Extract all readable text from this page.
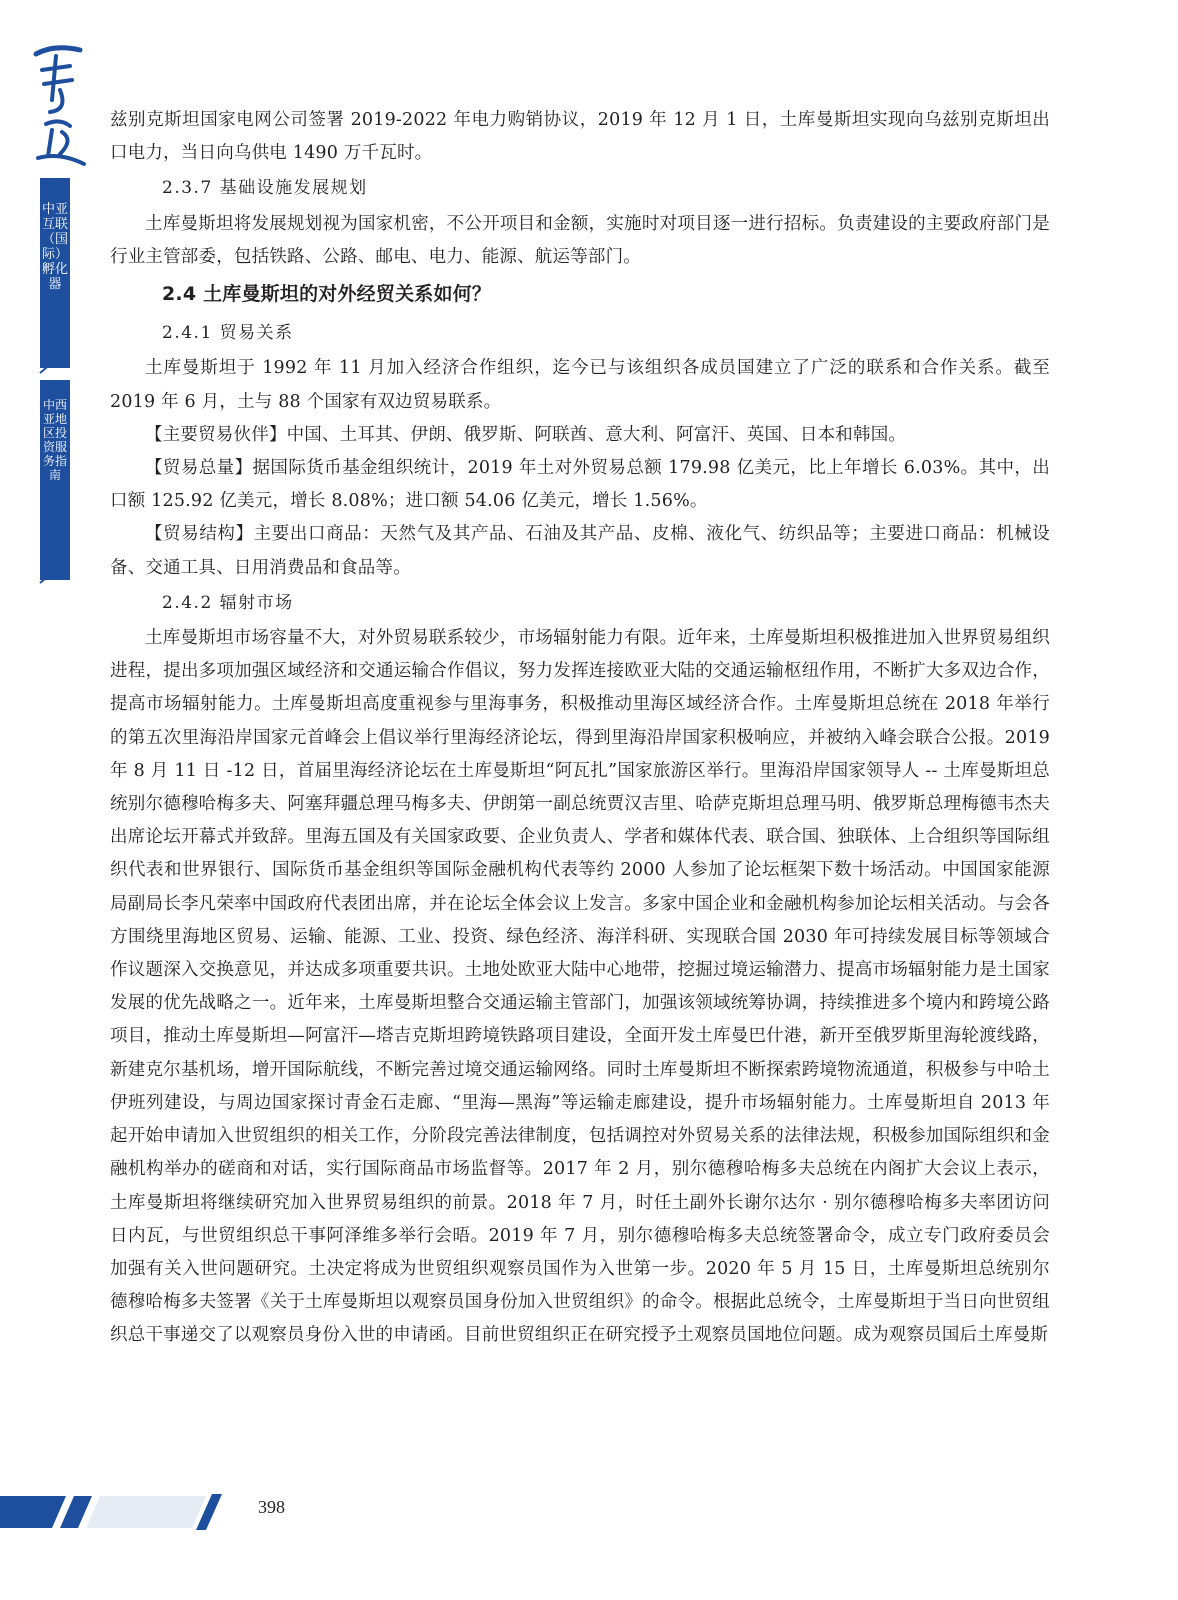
中亚互联（国际）孵化器
中西亚地区投资服务指南

兹别克斯坦国家电网公司签署 2019-2022 年电力购销协议，2019 年 12 月 1 日，土库曼斯坦实现向乌兹别克斯坦出口电力，当日向乌供电 1490 万千瓦时。

2.3.7 基础设施发展规划

土库曼斯坦将发展规划视为国家机密，不公开项目和金额，实施时对项目逐一进行招标。负责建设的主要政府部门是行业主管部委，包括铁路、公路、邮电、电力、能源、航运等部门。

2.4 土库曼斯坦的对外经贸关系如何？

2.4.1 贸易关系

土库曼斯坦于 1992 年 11 月加入经济合作组织，迄今已与该组织各成员国建立了广泛的联系和合作关系。截至 2019 年 6 月，土与 88 个国家有双边贸易联系。

【主要贸易伙伴】中国、土耳其、伊朗、俄罗斯、阿联酋、意大利、阿富汗、英国、日本和韩国。

【贸易总量】据国际货币基金组织统计，2019 年土对外贸易总额 179.98 亿美元，比上年增长 6.03%。其中，出口额 125.92 亿美元，增长 8.08%；进口额 54.06 亿美元，增长 1.56%。

【贸易结构】主要出口商品：天然气及其产品、石油及其产品、皮棉、液化气、纺织品等；主要进口商品：机械设备、交通工具、日用消费品和食品等。

2.4.2 辐射市场

土库曼斯坦市场容量不大，对外贸易联系较少，市场辐射能力有限。近年来，土库曼斯坦积极推进加入世界贸易组织进程，提出多项加强区域经济和交通运输合作倡议，努力发挥连接欧亚大陆的交通运输枢纽作用，不断扩大多双边合作，提高市场辐射能力。土库曼斯坦高度重视参与里海事务，积极推动里海区域经济合作。土库曼斯坦总统在 2018 年举行的第五次里海沿岸国家元首峰会上倡议举行里海经济论坛，得到里海沿岸国家积极响应，并被纳入峰会联合公报。2019 年 8 月 11 日 -12 日，首届里海经济论坛在土库曼斯坦“阿瓦扎”国家旅游区举行。里海沿岸国家领导人 -- 土库曼斯坦总统别尔德穆哈梅多夫、阿塞拜疆总理马梅多夫、伊朗第一副总统贾汉吉里、哈萨克斯坦总理马明、俄罗斯总理梅德韦杰夫出席论坛开幕式并致辞。里海五国及有关国家政要、企业负责人、学者和媒体代表、联合国、独联体、上合组织等国际组织代表和世界银行、国际货币基金组织等国际金融机构代表等约 2000 人参加了论坛框架下数十场活动。中国国家能源局副局长李凡荣率中国政府代表团出席，并在论坛全体会议上发言。多家中国企业和金融机构参加论坛相关活动。与会各方围绕里海地区贸易、运输、能源、工业、投资、绿色经济、海洋科研、实现联合国 2030 年可持续发展目标等领域合作议题深入交换意见，并达成多项重要共识。土地处欧亚大陆中心地带，挖掘过境运输潜力、提高市场辐射能力是土国家发展的优先战略之一。近年来，土库曼斯坦整合交通运输主管部门，加强该领域统筹协调，持续推进多个境内和跨境公路项目，推动土库曼斯坦—阿富汗—塔吉克斯坦跨境铁路项目建设，全面开发土库曼巴什港，新开至俄罗斯里海轮渡线路，新建克尔基机场，增开国际航线，不断完善过境交通运输网络。同时土库曼斯坦不断探索跨境物流通道，积极参与中哈土伊班列建设，与周边国家探讨青金石走廊、“里海—黑海”等运输走廊建设，提升市场辐射能力。土库曼斯坦自 2013 年起开始申请加入世贸组织的相关工作，分阶段完善法律制度，包括调控对外贸易关系的法律法规，积极参加国际组织和金融机构举办的磋商和对话，实行国际商品市场监督等。2017 年 2 月，别尔德穆哈梅多夫总统在内阁扩大会议上表示，土库曼斯坦将继续研究加入世界贸易组织的前景。2018 年 7 月，时任土副外长谢尔达尔 · 别尔德穆哈梅多夫率团访问日内瓦，与世贸组织总干事阿泽维多举行会晤。2019 年 7 月，别尔德穆哈梅多夫总统签署命令，成立专门政府委员会加强有关入世问题研究。土决定将成为世贸组织观察员国作为入世第一步。2020 年 5 月 15 日，土库曼斯坦总统别尔德穆哈梅多夫签署《关于土库曼斯坦以观察员国身份加入世贸组织》的命令。根据此总统令，土库曼斯坦于当日向世贸组织总干事递交了以观察员身份入世的申请函。目前世贸组织正在研究授予土观察员国地位问题。成为观察员国后土库曼斯

398
